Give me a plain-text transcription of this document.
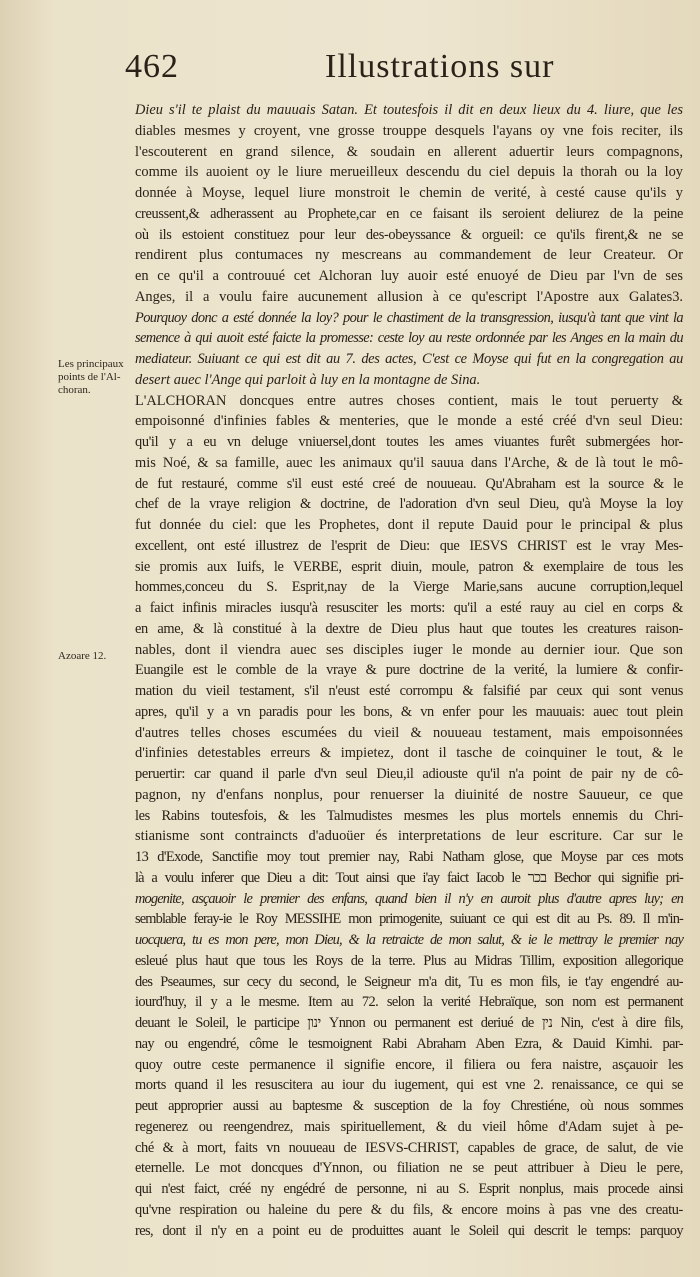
462	Illustrations sur
Les principaux
points de l'Al-
choran.
Azoare 12.
Dieu s'il te plaist du mauuais Satan. Et toutesfois il dit en deux lieux du 4. liure, que les
diables mesmes y croyent, vne grosse trouppe desquels l'ayans oy vne fois reciter, ils
l'escouterent en grand silence, & soudain en allerent aduertir leurs compagnons,
comme ils auoient oy le liure merueilleux descendu du ciel depuis la thorah ou la loy
donnée à Moyse, lequel liure monstroit le chemin de verité, à cesté cause qu'ils y
creussent,& adherassent au Prophete,car en ce faisant ils seroient deliurez de la peine
où ils estoient constituez pour leur des-obeyssance & orgueil: ce qu'ils firent,& ne se
rendirent plus contumaces ny mescreans au commandement de leur Createur. Or
en ce qu'il a controuué cet Alchoran luy auoir esté enuoyé de Dieu par l'vn de ses
Anges, il a voulu faire aucunement allusion à ce qu'escript l'Apostre aux Galates3.
Pourquoy donc a esté donnée la loy? pour le chastiment de la transgression, iusqu'à tant que vint la
semence à qui auoit esté faicte la promesse: ceste loy au reste ordonnée par les Anges en la main du
mediateur. Suiuant ce qui est dit au 7. des actes, C'est ce Moyse qui fut en la congregation au
desert auec l'Ange qui parloit à luy en la montagne de Sina.
L'ALCHORAN doncques entre autres choses contient, mais le tout peruerty &
empoisonné d'infinies fables & menteries, que le monde a esté créé d'vn seul Dieu:
qu'il y a eu vn deluge vniuersel,dont toutes les ames viuantes furêt submergées hor-
mis Noé, & sa famille, auec les animaux qu'il sauua dans l'Arche, & de là tout le mô-
de fut restauré, comme s'il eust esté creé de nouueau. Qu'Abraham est la source & le
chef de la vraye religion & doctrine, de l'adoration d'vn seul Dieu, qu'à Moyse la loy
fut donnée du ciel: que les Prophetes, dont il repute Dauid pour le principal & plus
excellent, ont esté illustrez de l'esprit de Dieu: que IESVS CHRIST est le vray Mes-
sie promis aux Iuifs, le VERBE, esprit diuin, moule, patron & exemplaire de tous les
hommes,conceu du S. Esprit,nay de la Vierge Marie,sans aucune corruption,lequel
a faict infinis miracles iusqu'à resusciter les morts: qu'il a esté rauy au ciel en corps &
en ame, & là constitué à la dextre de Dieu plus haut que toutes les creatures raison-
nables, dont il viendra auec ses disciples iuger le monde au dernier iour. Que son
Euangile est le comble de la vraye & pure doctrine de la verité, la lumiere & confir-
mation du vieil testament, s'il n'eust esté corrompu & falsifié par ceux qui sont venus
apres, qu'il y a vn paradis pour les bons, & vn enfer pour les mauuais: auec tout plein
d'autres telles choses escumées du vieil & nouueau testament, mais empoisonnées
d'infinies detestables erreurs & impietez, dont il tasche de coinquiner le tout, & le
peruertir: car quand il parle d'vn seul Dieu,il adiouste qu'il n'a point de pair ny de cô-
pagnon, ny d'enfans nonplus, pour renuerser la diuinité de nostre Sauueur, ce que
les Rabins toutesfois, & les Talmudistes mesmes les plus mortels ennemis du Chri-
stianisme sont contraincts d'aduoüer és interpretations de leur escriture. Car sur le
13 d'Exode, Sanctifie moy tout premier nay, Rabi Natham glose, que Moyse par ces mots
là a voulu inferer que Dieu a dit: Tout ainsi que i'ay faict Iacob le בכר Bechor qui signifie pri-
mogenite, asçauoir le premier des enfans, quand bien il n'y en auroit plus d'autre apres luy; en
semblable feray-ie le Roy MESSIHE mon primogenite, suiuant ce qui est dit au Ps. 89. Il m'in-
uocquera, tu es mon pere, mon Dieu, & la retraicte de mon salut, & ie le mettray le premier nay
esleué plus haut que tous les Roys de la terre. Plus au Midras Tillim, exposition allegorique
des Pseaumes, sur cecy du second, le Seigneur m'a dit, Tu es mon fils, ie t'ay engendré au-
iourd'huy, il y a le mesme. Item au 72. selon la verité Hebraïque, son nom est permanent
deuant le Soleil, le participe ינון Ynnon ou permanent est deriué de נין Nin, c'est à dire fils,
nay ou engendré, côme le tesmoignent Rabi Abraham Aben Ezra, & Dauid Kimhi. par-
quoy outre ceste permanence il signifie encore, il filiera ou fera naistre, asçauoir les
morts quand il les resuscitera au iour du iugement, qui est vne 2. renaissance, ce qui se
peut approprier aussi au baptesme & susception de la foy Chrestiéne, où nous sommes
regenerez ou reengendrez, mais spirituellement, & du vieil hôme d'Adam sujet à pe-
ché & à mort, faits vn nouueau de IESVS-CHRIST, capables de grace, de salut, de vie
eternelle. Le mot doncques d'Ynnon, ou filiation ne se peut attribuer à Dieu le pere,
qui n'est faict, créé ny engédré de personne, ni au S. Esprit nonplus, mais procede ainsi
qu'vne respiration ou haleine du pere & du fils, & encore moins à pas vne des creatu-
res, dont il n'y en a point eu de produittes auant le Soleil qui descrit le temps: parquoy
